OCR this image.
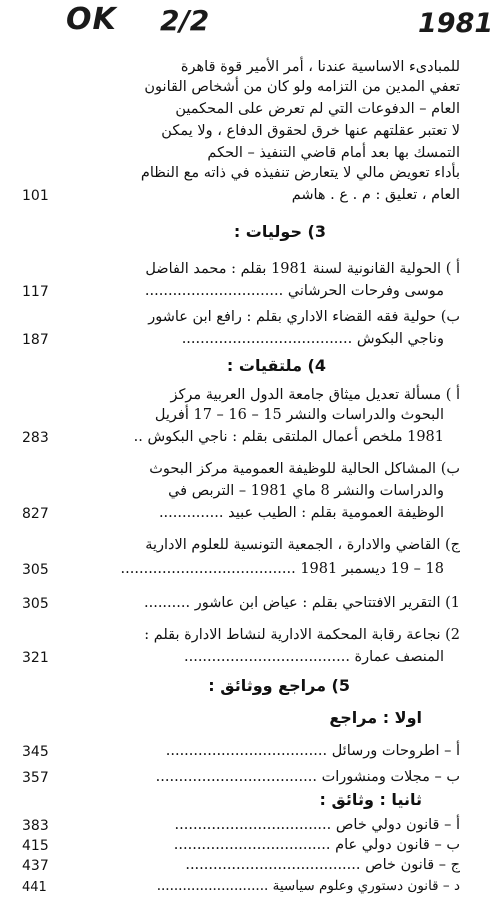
OK 2/2	1981
للمبادىء الاساسية عندنا ، أمر الأمير قوة قاهرة
تعفي المدين من التزامه ولو كان من أشخاص القانون
العام – الدفوعات التي لم تعرض على المحكمين
لا تعتبر عقلتهم عنها خرق لحقوق الدفاع ، ولا يمكن
التمسك بها بعد أمام قاضي التنفيذ – الحكم
بأداء تعويض مالي لا يتعارض تنفيذه في ذاته مع النظام
العام ، تعليق : م . ع . هاشم
101
3) حوليات :
أ ) الحولية القانونية لسنة 1981 بقلم : محمد الفاضل
موسى وفرحات الحرشاني ..............................
117
ب) حولية فقه القضاء الاداري بقلم : رافع ابن عاشور
وناجي البكوش .....................................
187
4) ملتقيات :
أ ) مسألة تعديل ميثاق جامعة الدول العربية مركز
البحوث والدراسات والنشر 15 – 16 – 17 أفريل
1981 ملخص أعمال الملتقى بقلم : ناجي البكوش ..
283
ب) المشاكل الحالية للوظيفة العمومية مركز البحوث
والدراسات والنشر 8 ماي 1981 – التربص في
الوظيفة العمومية بقلم : الطيب عبيد ..............
827
ج) القاضي والادارة ، الجمعية التونسية للعلوم الادارية
18 – 19 ديسمبر 1981 ......................................
305
1) التقرير الافتتاحي بقلم : عياض ابن عاشور ..........
305
2) نجاعة رقابة المحكمة الادارية لنشاط الادارة بقلم :
المنصف عمارة ....................................
321
5) مراجع ووثائق :
اولا : مراجع
أ – اطروحات ورسائل ...................................
345
ب – مجلات ومنشورات ...................................
357
ثانيا : وثائق :
أ – قانون دولي خاص ..................................
383
ب – قانون دولي عام ..................................
415
ج – قانون خاص ......................................
437
د – قانون دستوري وعلوم سياسية ..........................
441
